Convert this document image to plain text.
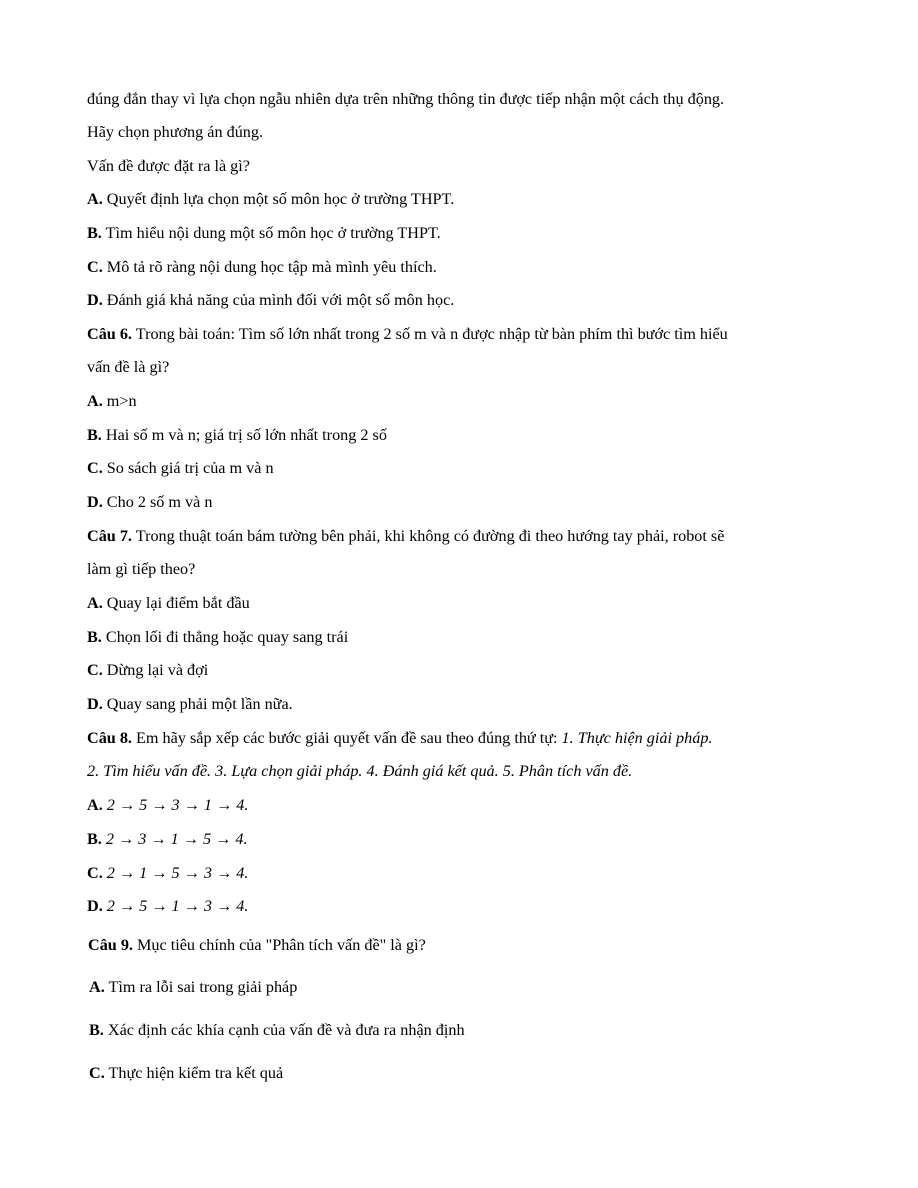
đúng đắn thay vì lựa chọn ngẫu nhiên dựa trên những thông tin được tiếp nhận một cách thụ động.
Hãy chọn phương án đúng.
Vấn đề được đặt ra là gì?
A. Quyết định lựa chọn một số môn học ở trường THPT.
B. Tìm hiểu nội dung một số môn học ở trường THPT.
C. Mô tả rõ ràng nội dung học tập mà mình yêu thích.
D. Đánh giá khả năng của mình đối với một số môn học.
Câu 6. Trong bài toán: Tìm số lớn nhất trong 2 số m và n được nhập từ bàn phím thì bước tìm hiểu
vấn đề là gì?
A. m>n
B. Hai số m và n; giá trị số lớn nhất trong 2 số
C. So sách giá trị của m và n
D. Cho 2 số m và n
Câu 7. Trong thuật toán bám tường bên phải, khi không có đường đi theo hướng tay phải, robot sẽ
làm gì tiếp theo?
A. Quay lại điểm bắt đầu
B. Chọn lối đi thẳng hoặc quay sang trái
C. Dừng lại và đợi
D. Quay sang phải một lần nữa.
Câu 8. Em hãy sắp xếp các bước giải quyết vấn đề sau theo đúng thứ tự: 1. Thực hiện giải pháp.
2. Tìm hiểu vấn đề. 3. Lựa chọn giải pháp. 4. Đánh giá kết quả. 5. Phân tích vấn đề.
A. 2 → 5 → 3 → 1 → 4.
B. 2 → 3 → 1 → 5 → 4.
C. 2 → 1 → 5 → 3 → 4.
D. 2 → 5 → 1 → 3 → 4.
Câu 9. Mục tiêu chính của "Phân tích vấn đề" là gì?
A. Tìm ra lỗi sai trong giải pháp
B. Xác định các khía cạnh của vấn đề và đưa ra nhận định
C. Thực hiện kiểm tra kết quả
